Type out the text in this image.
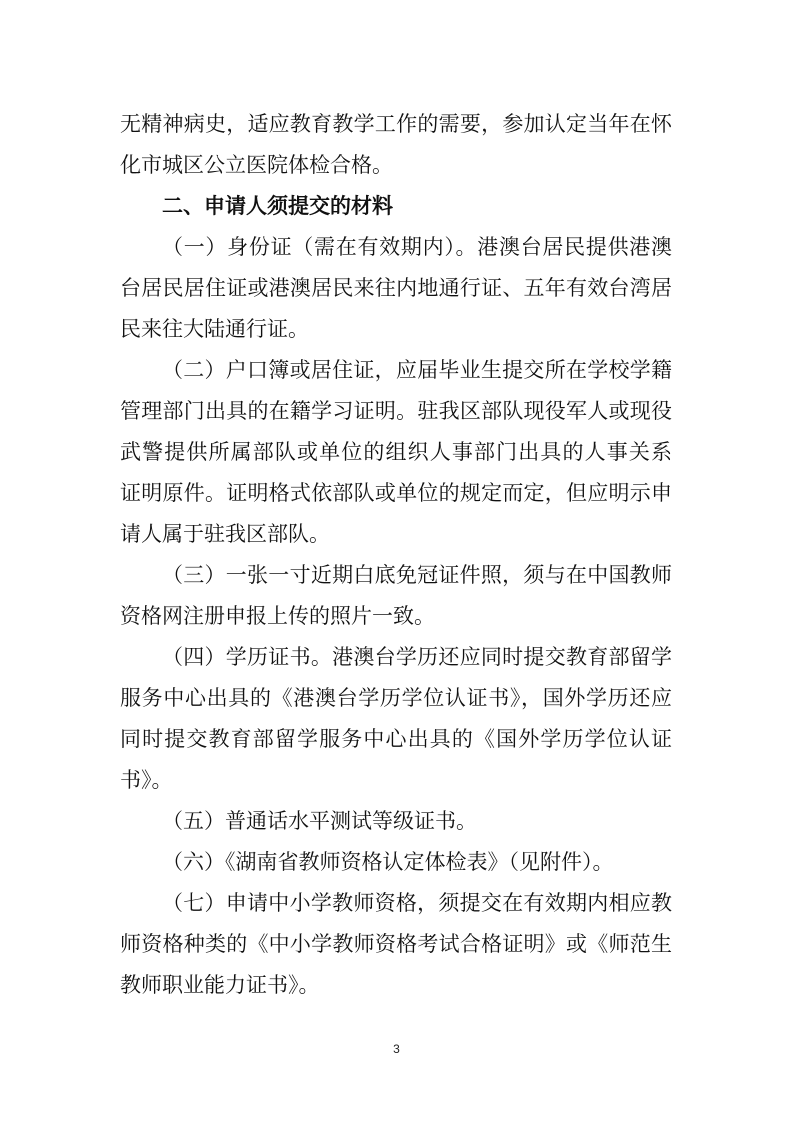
无精神病史，适应教育教学工作的需要，参加认定当年在怀
化市城区公立医院体检合格。
二、申请人须提交的材料
（一）身份证（需在有效期内）。港澳台居民提供港澳
台居民居住证或港澳居民来往内地通行证、五年有效台湾居
民来往大陆通行证。
（二）户口簿或居住证，应届毕业生提交所在学校学籍
管理部门出具的在籍学习证明。驻我区部队现役军人或现役
武警提供所属部队或单位的组织人事部门出具的人事关系
证明原件。证明格式依部队或单位的规定而定，但应明示申
请人属于驻我区部队。
（三）一张一寸近期白底免冠证件照，须与在中国教师
资格网注册申报上传的照片一致。
（四）学历证书。港澳台学历还应同时提交教育部留学
服务中心出具的《港澳台学历学位认证书》，国外学历还应
同时提交教育部留学服务中心出具的《国外学历学位认证
书》。
（五）普通话水平测试等级证书。
（六）《湖南省教师资格认定体检表》（见附件）。
（七）申请中小学教师资格，须提交在有效期内相应教
师资格种类的《中小学教师资格考试合格证明》或《师范生
教师职业能力证书》。
3
